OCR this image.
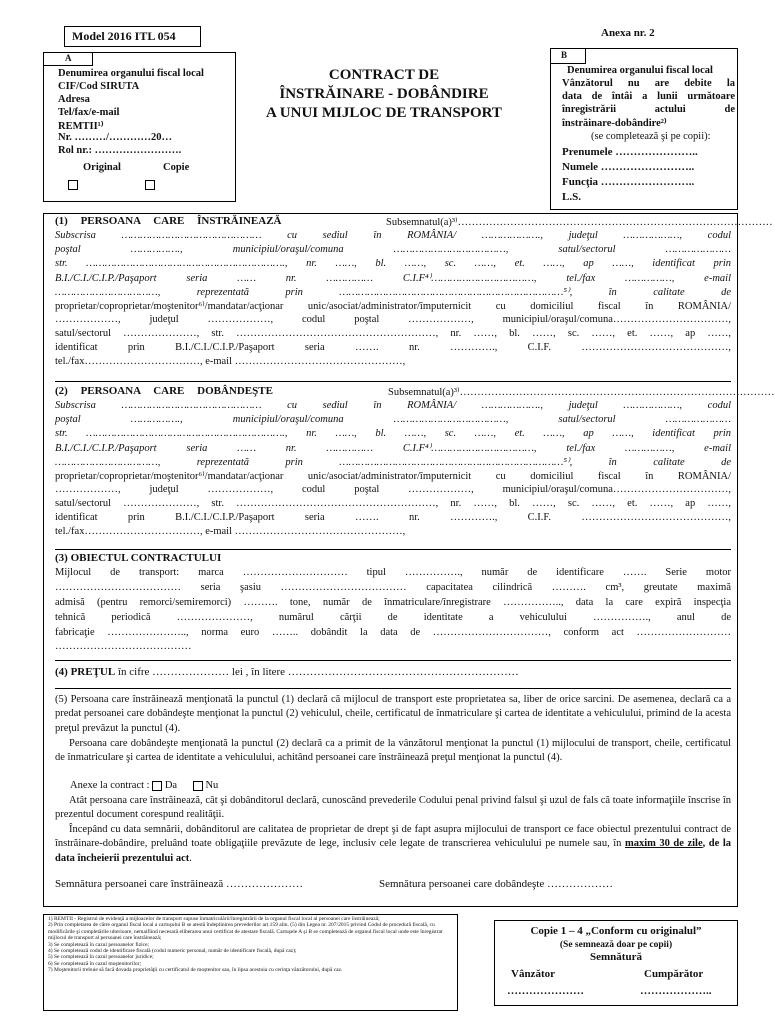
Model 2016 ITL 054	Anexa nr. 2
CONTRACT DE
ÎNSTRĂINARE - DOBÂNDIRE
A UNUI MIJLOC DE TRANSPORT
A
Denumirea organului fiscal local
CIF/Cod SIRUTA
Adresa
Tel/fax/e-mail
REMTII¹⁾
Nr. ………/…………20…
Rol nr.: …………………….
Original	Copie
B
Denumirea organului fiscal local
Vânzătorul nu are debite la
data de întâi a lunii următoare
înregistrării actului de
înstrăinare-dobândire²⁾
(se completează şi pe copii):
Prenumele …………………..
Numele ……………………..
Funcţia ……………………..
L.S.
(1) PERSOANA CARE ÎNSTRĂINEAZĂ	Subsemnatul(a)³⁾………………………………………………………………………………
Subscrisa ……………………………………… cu sediul în ROMÂNIA/ ………………., judeţul ………………, codul
poştal ……………., municipiul/oraşul/comuna ………………………………, satul/sectorul …………………
str. ………………………………………………………., nr. ……, bl. ……, sc. ……, et. ……, ap ……, identificat prin
B.I./C.I./C.I.P./Paşaport seria …… nr. …………… C.I.F⁴⁾……………………………, tel./fax ……………, e-mail
……………………………, reprezentată prin ………………………………………………………………⁵⁾, în calitate de
proprietar/coproprietar/moştenitor⁶⁾/mandatar/acţionar unic/asociat/administrator/împuternicit cu domiciliul fiscal în ROMÂNIA/
………………, judeţul ………………, codul poştal ………………, municipiul/oraşul/comuna……………………………,
satul/sectorul …………………, str. …………………………………………………, nr. ……, bl. ……, sc. ……, et. ……, ap ……,
identificat prin B.I./C.I./C.I.P./Paşaport seria ……. nr. …………., C.I.F. ……………………………………,
tel./fax……………………………, e-mail …………………………………………,
(2) PERSOANA CARE DOBÂNDEŞTE	Subsemnatul(a)³⁾………………………………………………………………………………
Subscrisa ……………………………………… cu sediul în ROMÂNIA/ ………………., judeţul ………………, codul
poştal ……………., municipiul/oraşul/comuna ………………………………, satul/sectorul …………………
str. ………………………………………………………., nr. ……, bl. ……, sc. ……, et. ……, ap ……, identificat prin
B.I./C.I./C.I.P./Paşaport seria …… nr. …………… C.I.F⁴⁾……………………………, tel./fax ……………, e-mail
……………………………, reprezentată prin ………………………………………………………………⁵⁾, în calitate de
proprietar/coproprietar/moştenitor⁶⁾/mandatar/acţionar unic/asociat/administrator/împuternicit cu domiciliul fiscal în ROMÂNIA/
………………, judeţul ………………, codul poştal ………………, municipiul/oraşul/comuna……………………………,
satul/sectorul …………………, str. …………………………………………………, nr. ……, bl. ……, sc. ……, et. ……, ap ……,
identificat prin B.I./C.I./C.I.P./Paşaport seria ……. nr. …………., C.I.F. ……………………………………,
tel./fax……………………………, e-mail …………………………………………,
(3) OBIECTUL CONTRACTULUI
Mijlocul de transport: marca ………………………… tipul ……………., număr de identificare ……. Serie motor
……………………………… seria şasiu ……………………………… capacitatea cilindrică ………. cm³, greutate maximă
admisă (pentru remorci/semiremorci) ………. tone, număr de înmatriculare/înregistrare …………….., data la care expiră inspecţia
tehnică periodică …………………, numărul cărţii de identitate a vehiculului ……………., anul de
fabricaţie ………………….., norma euro …….. dobândit la data de ……………………………, conform act ………………………
…………………………………
(4) PREŢUL în cifre ………………… lei , în litere ………………………………………………………
(5) Persoana care înstrăinează menţionată la punctul (1) declară că mijlocul de transport este proprietatea sa, liber de orice sarcini. De asemenea, declară ca a predat persoanei care dobândeşte menţionat la punctul (2) vehiculul, cheile, certificatul de înmatriculare şi cartea de identitate a vehiculului, primind de la acesta preţul prevăzut la punctul (4).
Persoana care dobândeşte menţionată la punctul (2) declară ca a primit de la vânzătorul menţionat la punctul (1) mijlocului de transport, cheile, certificatul de înmatriculare şi cartea de identitate a vehiculului, achitând persoanei care înstrăinează preţul menţionat la punctul (4).
Anexe la contract : Da	Nu
Atât persoana care înstrăinează, cât şi dobânditorul declară, cunoscând prevederile Codului penal privind falsul şi uzul de fals că toate informaţiile înscrise în prezentul document corespund realităţii.
Începând cu data semnării, dobânditorul are calitatea de proprietar de drept şi de fapt asupra mijlocului de transport ce face obiectul prezentului contract de înstrăinare-dobândire, preluând toate obligaţiile prevăzute de lege, inclusiv cele legate de transcrierea vehiculului pe numele sau, în maxim 30 de zile, de la data încheierii prezentului act.
Semnătura persoanei care înstrăinează …………………	Semnătura persoanei care dobândeşte ………………
1) REMTII - Registrul de evidenţă a mijloacelor de transport supuse înmatriculării/înregistrării de la organul fiscal local al persoanei care înstrăinează;
2) Prin completarea de către organul fiscal local a cartuşului B se atestă îndeplinirea prevederilor art.159 alin. (5) din Legea nr. 207/2015 privind Codul de procedură fiscală, cu modificările şi completările ulterioare, nemaifiind necesară eliberarea unui certificat de atestare fiscală. Cartuşele A şi B se completează de organul fiscal local unde este înregistrat mijlocul de transport al persoanei care înstrăinează;
3) Se completează în cazul persoanelor fizice;
4) Se completează codul de identificare fiscală (codul numeric personal, număr de identificare fiscală, după caz);
5) Se completează în cazul persoanelor juridice;
6) Se completează în cazul moştenitorilor;
7) Moştenitorii trebuie să facă dovada proprietăţii cu certificatul de moştenitor sau, în lipsa acestuia cu cerinţa vânzătorului, după caz.
Copie 1 – 4 „Conform cu originalul”
(Se semnează doar pe copii)
Semnătură
Vânzător	Cumpărător
…………………	………………..
